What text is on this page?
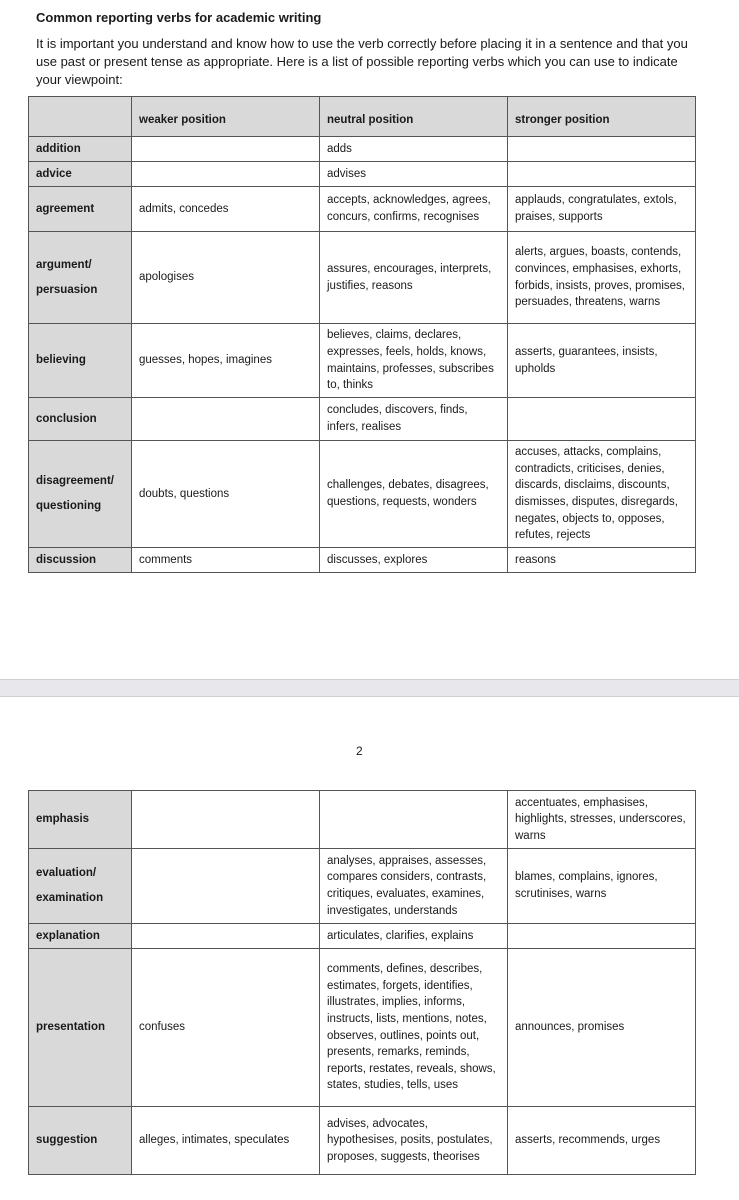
Common reporting verbs for academic writing
It is important you understand and know how to use the verb correctly before placing it in a sentence and that you use past or present tense as appropriate. Here is a list of possible reporting verbs which you can use to indicate your viewpoint:
	weaker position	neutral position	stronger position
addition		adds	
advice		advises	
agreement	admits, concedes	accepts, acknowledges, agrees, concurs, confirms, recognises	applauds, congratulates, extols, praises, supports

argument/
persuasion	apologises	assures, encourages, interprets, justifies, reasons	alerts, argues, boasts, contends, convinces, emphasises, exhorts, forbids, insists, proves, promises, persuades, threatens, warns
believing	guesses, hopes, imagines	believes, claims, declares, expresses, feels, holds, knows, maintains, professes, subscribes to, thinks	asserts, guarantees, insists, upholds
conclusion		concludes, discovers, finds, infers, realises	

disagreement/
questioning	doubts, questions	challenges, debates, disagrees, questions, requests, wonders	accuses, attacks, complains, contradicts, criticises, denies, discards, disclaims, discounts, dismisses, disputes, disregards, negates, objects to, opposes, refutes, rejects
discussion	comments	discusses, explores	reasons
2
emphasis			accentuates, emphasises, highlights, stresses, underscores, warns

evaluation/
examination		analyses, appraises, assesses, compares considers, contrasts, critiques, evaluates, examines, investigates, understands	blames, complains, ignores, scrutinises, warns
explanation		articulates, clarifies, explains	
presentation	confuses	comments, defines, describes, estimates, forgets, identifies, illustrates, implies, informs, instructs, lists, mentions, notes, observes, outlines, points out, presents, remarks, reminds, reports, restates, reveals, shows, states, studies, tells, uses	announces, promises
suggestion	alleges, intimates, speculates	advises, advocates, hypothesises, posits, postulates, proposes, suggests, theorises	asserts, recommends, urges
